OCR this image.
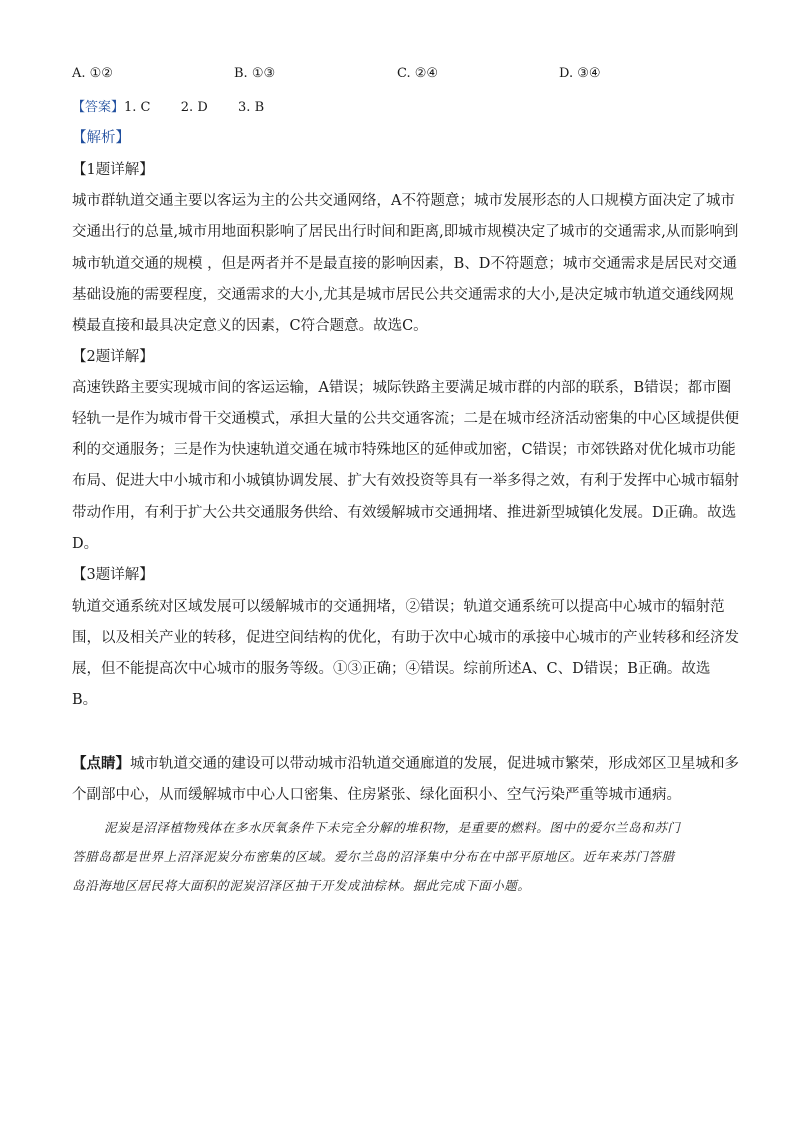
A. ①②	B. ①③	C. ②④	D. ③④
【答案】1. C 2. D 3. B
【解析】

【1题详解】

城市群轨道交通主要以客运为主的公共交通网络，A不符题意；城市发展形态的人口规模方面决定了城市

交通出行的总量,城市用地面积影响了居民出行时间和距离,即城市规模决定了城市的交通需求,从而影响到

城市轨道交通的规模 ，但是两者并不是最直接的影响因素，B、D不符题意；城市交通需求是居民对交通

基础设施的需要程度，交通需求的大小,尤其是城市居民公共交通需求的大小,是决定城市轨道交通线网规

模最直接和最具决定意义的因素，C符合题意。故选C。

【2题详解】

高速铁路主要实现城市间的客运运输，A错误；城际铁路主要满足城市群的内部的联系，B错误；都市圈

轻轨一是作为城市骨干交通模式，承担大量的公共交通客流；二是在城市经济活动密集的中心区域提供便

利的交通服务；三是作为快速轨道交通在城市特殊地区的延伸或加密，C错误；市郊铁路对优化城市功能

布局、促进大中小城市和小城镇协调发展、扩大有效投资等具有一举多得之效，有利于发挥中心城市辐射

带动作用，有利于扩大公共交通服务供给、有效缓解城市交通拥堵、推进新型城镇化发展。D正确。故选

D。

【3题详解】

轨道交通系统对区域发展可以缓解城市的交通拥堵，②错误；轨道交通系统可以提高中心城市的辐射范

围，以及相关产业的转移，促进空间结构的优化，有助于次中心城市的承接中心城市的产业转移和经济发

展，但不能提高次中心城市的服务等级。①③正确；④错误。综前所述A、C、D错误；B正确。故选

B。

【点睛】城市轨道交通的建设可以带动城市沿轨道交通廊道的发展，促进城市繁荣，形成郊区卫星城和多

个副部中心，从而缓解城市中心人口密集、住房紧张、绿化面积小、空气污染严重等城市通病。

泥炭是沼泽植物残体在多水厌氧条件下未完全分解的堆积物，是重要的燃料。图中的爱尔兰岛和苏门

答腊岛都是世界上沼泽泥炭分布密集的区域。爱尔兰岛的沼泽集中分布在中部平原地区。近年来苏门答腊

岛沿海地区居民将大面积的泥炭沼泽区抽干开发成油棕林。据此完成下面小题。
